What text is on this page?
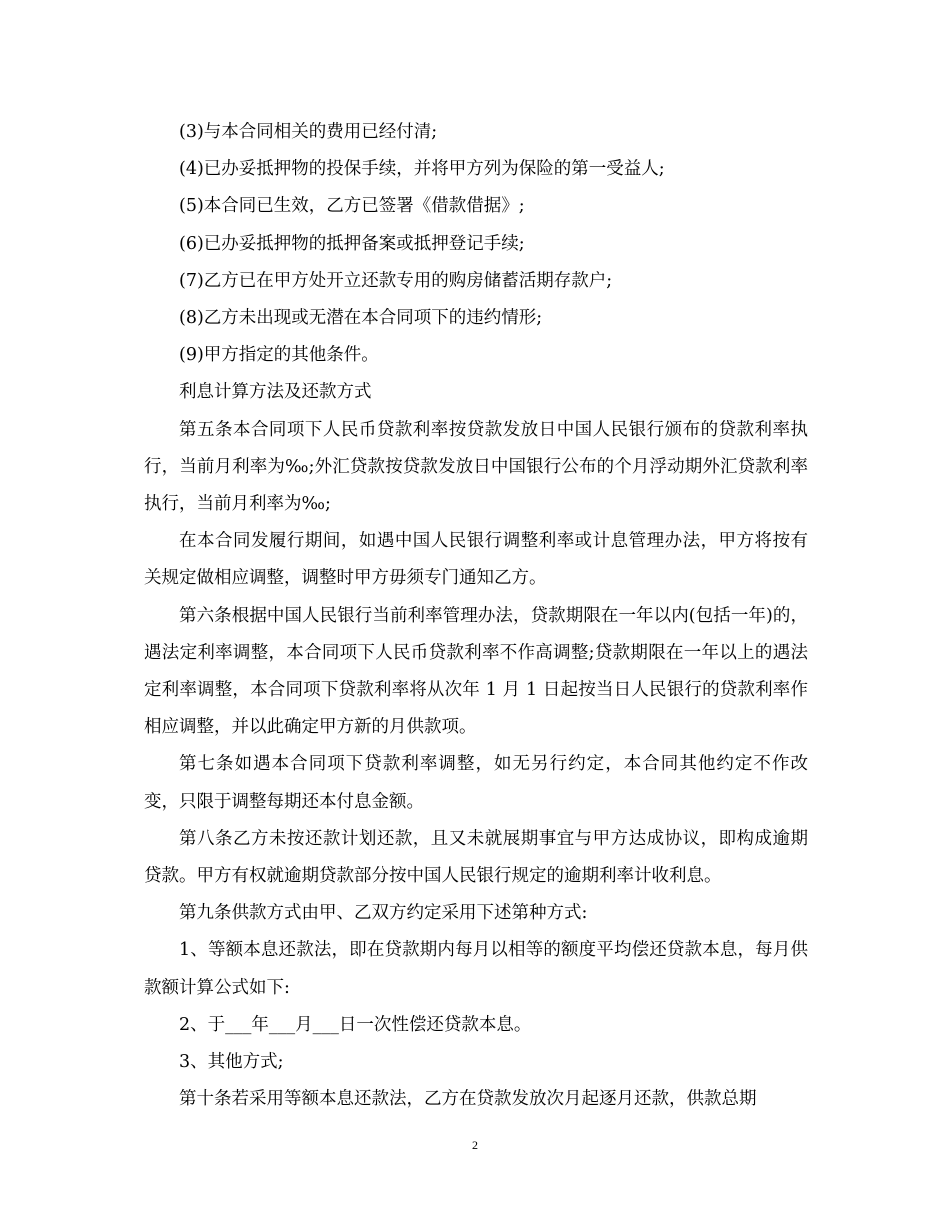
(3)与本合同相关的费用已经付清;

(4)已办妥抵押物的投保手续，并将甲方列为保险的第一受益人;

(5)本合同已生效，乙方已签署《借款借据》;

(6)已办妥抵押物的抵押备案或抵押登记手续;

(7)乙方已在甲方处开立还款专用的购房储蓄活期存款户;

(8)乙方未出现或无潜在本合同项下的违约情形;

(9)甲方指定的其他条件。

利息计算方法及还款方式

第五条本合同项下人民币贷款利率按贷款发放日中国人民银行颁布的贷款利率执行，当前月利率为‰;外汇贷款按贷款发放日中国银行公布的个月浮动期外汇贷款利率执行，当前月利率为‰;

在本合同发履行期间，如遇中国人民银行调整利率或计息管理办法，甲方将按有关规定做相应调整，调整时甲方毋须专门通知乙方。

第六条根据中国人民银行当前利率管理办法，贷款期限在一年以内(包括一年)的，遇法定利率调整，本合同项下人民币贷款利率不作高调整;贷款期限在一年以上的遇法定利率调整，本合同项下贷款利率将从次年 1 月 1 日起按当日人民银行的贷款利率作相应调整，并以此确定甲方新的月供款项。

第七条如遇本合同项下贷款利率调整，如无另行约定，本合同其他约定不作改变，只限于调整每期还本付息金额。

第八条乙方未按还款计划还款，且又未就展期事宜与甲方达成协议，即构成逾期贷款。甲方有权就逾期贷款部分按中国人民银行规定的逾期利率计收利息。

第九条供款方式由甲、乙双方约定采用下述第种方式:

1、等额本息还款法，即在贷款期内每月以相等的额度平均偿还贷款本息，每月供款额计算公式如下:

2、于___年___月___日一次性偿还贷款本息。

3、其他方式;

第十条若采用等额本息还款法，乙方在贷款发放次月起逐月还款，供款总期

2
